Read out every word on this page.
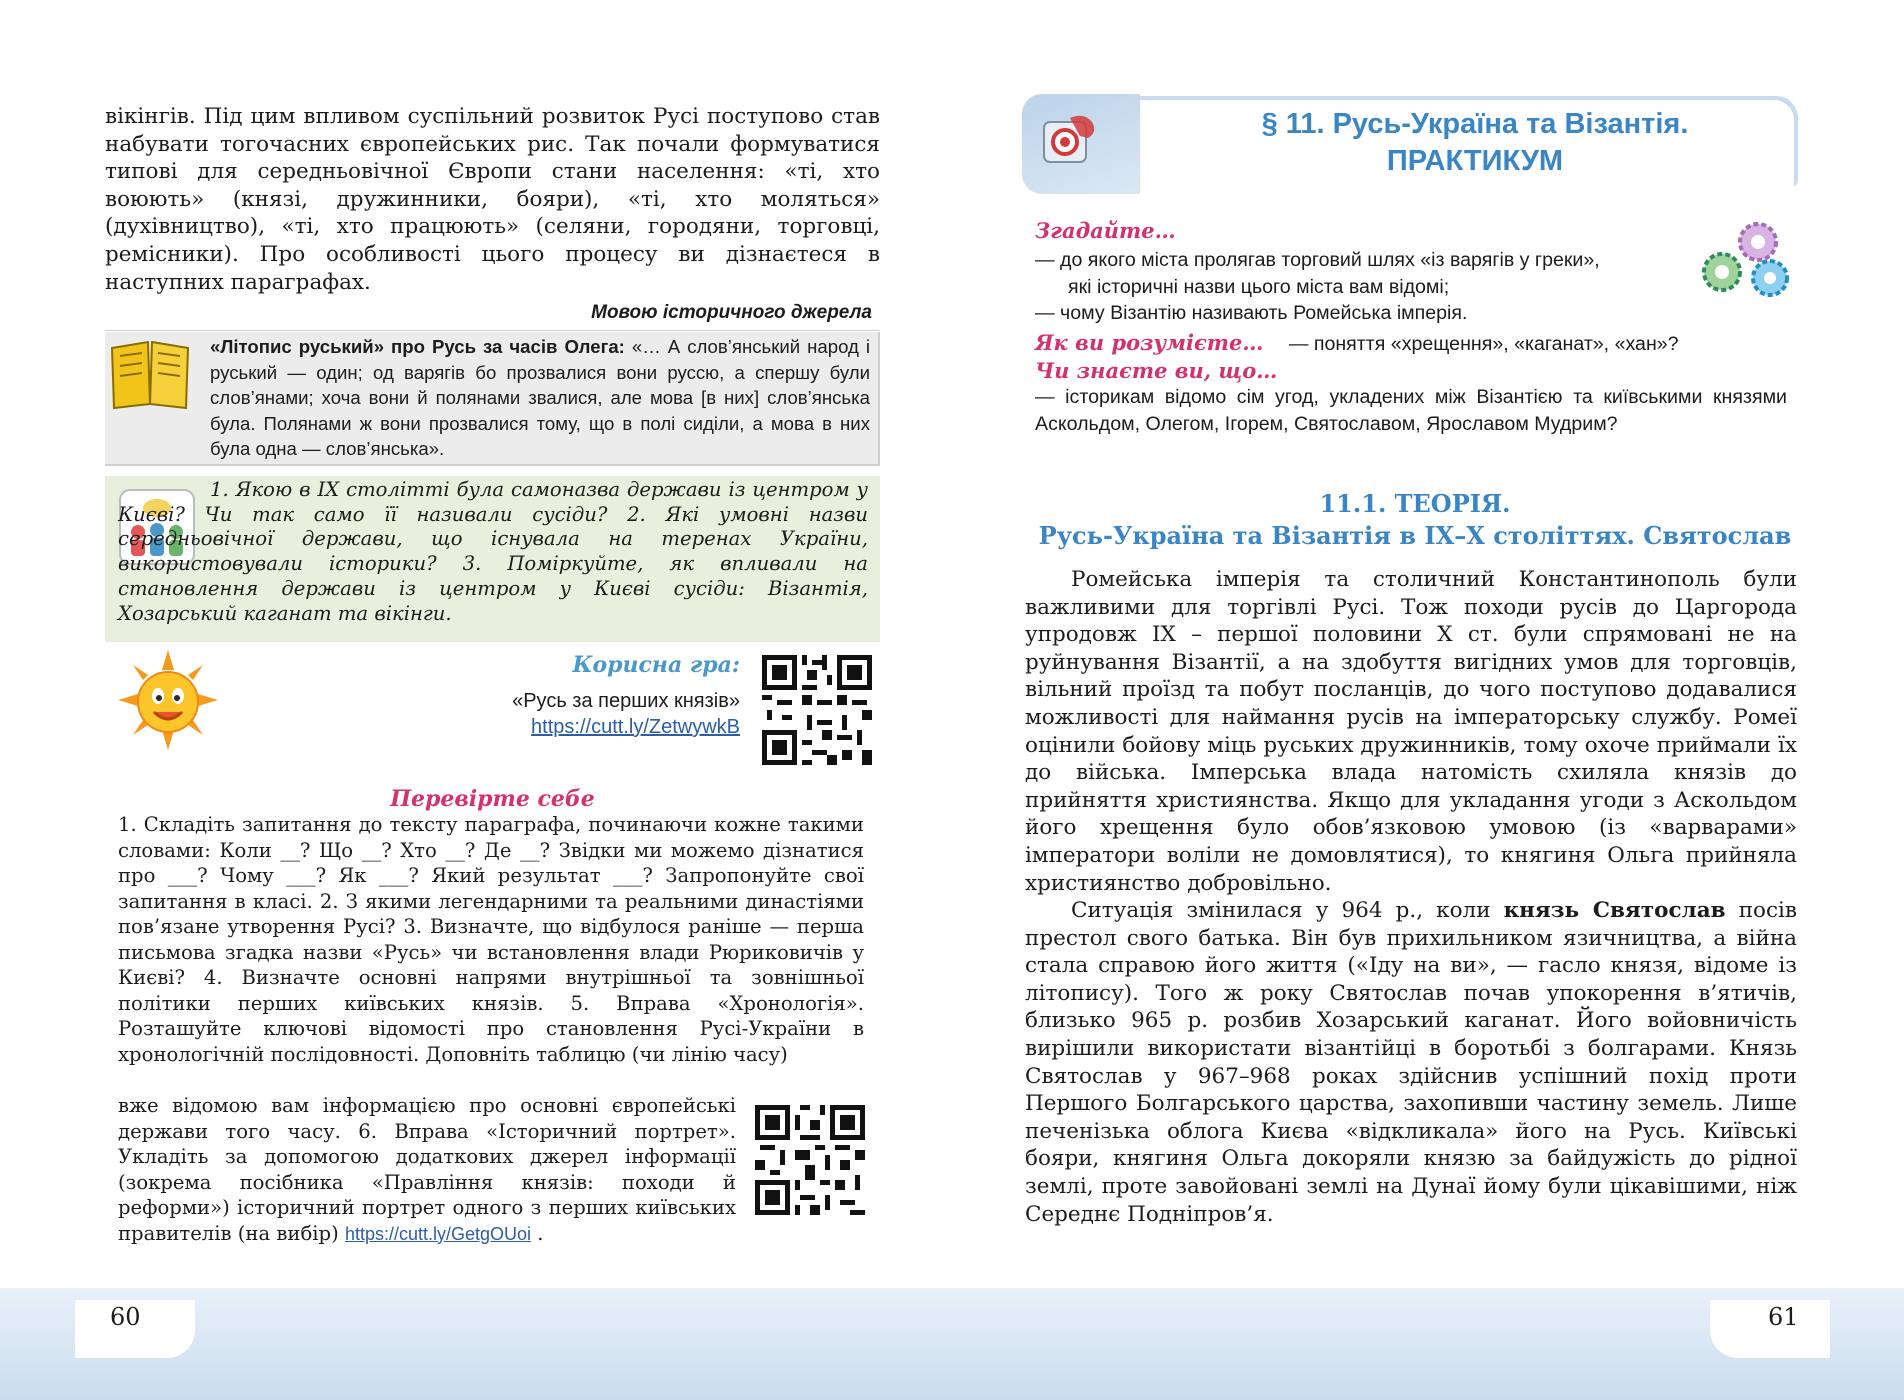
60	61
вікінгів. Під цим впливом суспільний розвиток Русі поступово став набувати тогочасних європейських рис. Так почали формуватися типові для середньовічної Європи стани населення: «ті, хто воюють» (князі, дружинники, бояри), «ті, хто моляться» (духівництво), «ті, хто працюють» (селяни, городяни, торговці, ремісники). Про особливості цього процесу ви дізнаєтеся в наступних параграфах.
Мовою історичного джерела
«Літопис руський» про Русь за часів Олега: «… А слов’янський народ і руський — один; од варягів бо прозвалися вони руссю, а спершу були слов’янами; хоча вони й полянами звалися, але мова [в них] слов’янська була. Полянами ж вони прозвалися тому, що в полі сиділи, а мова в них була одна — слов’янська».
1. Якою в IX столітті була самоназва держави із центром у Києві? Чи так само її називали сусіди? 2. Які умовні назви середньовічної держави, що існувала на теренах України, використовували історики? 3. Поміркуйте, як впливали на становлення держави із центром у Києві сусіди: Візантія, Хозарський каганат та вікінги.
Корисна гра:
«Русь за перших князів»
https://cutt.ly/ZetwywkB
Перевірте себе
1. Складіть запитання до тексту параграфа, починаючи кожне такими словами: Коли __? Що __? Хто __? Де __? Звідки ми можемо дізнатися про ___? Чому ___? Як ___? Який результат ___? Запропонуйте свої запитання в класі. 2. З якими легендарними та реальними династіями пов’язане утворення Русі? 3. Визначте, що відбулося раніше — перша письмова згадка назви «Русь» чи встановлення влади Рюриковичів у Києві? 4. Визначте основні напрями внутрішньої та зовнішньої політики перших київських князів. 5. Вправа «Хронологія». Розташуйте ключові відомості про становлення Русі-України в хронологічній послідовності. Доповніть таблицю (чи лінію часу)
вже відомою вам інформацією про основні європейські держави того часу. 6. Вправа «Історичний портрет». Укладіть за допомогою додаткових джерел інформації (зокрема посібника «Правління князів: походи й реформи») історичний портрет одного з перших київських правителів (на вибір) https://cutt.ly/GetgOUoi .
§ 11. Русь-Україна та Візантія.
ПРАКТИКУМ
Згадайте…
— до якого міста пролягав торговий шлях «із варягів у греки»,
які історичні назви цього міста вам відомі;
— чому Візантію називають Ромейська імперія.
Як ви розумієте… — поняття «хрещення», «каганат», «хан»?
Чи знаєте ви, що…
— історикам відомо сім угод, укладених між Візантією та київськими князями Аскольдом, Олегом, Ігорем, Святославом, Ярославом Мудрим?
11.1. ТЕОРІЯ.
Русь-Україна та Візантія в IX–X століттях. Святослав
Ромейська імперія та столичний Константинополь були важливими для торгівлі Русі. Тож походи русів до Царгорода упродовж IX – першої половини X ст. були спрямовані не на руйнування Візантії, а на здобуття вигідних умов для торговців, вільний проїзд та побут посланців, до чого поступово додавалися можливості для наймання русів на імператорську службу. Ромеї оцінили бойову міць руських дружинників, тому охоче приймали їх до війська. Імперська влада натомість схиляла князів до прийняття християнства. Якщо для укладання угоди з Аскольдом його хрещення було обов’язковою умовою (із «варварами» імператори воліли не домовлятися), то княгиня Ольга прийняла християнство добровільно.
Ситуація змінилася у 964 р., коли князь Святослав посів престол свого батька. Він був прихильником язичництва, а війна стала справою його життя («Іду на ви», — гасло князя, відоме із літопису). Того ж року Святослав почав упокорення в’ятичів, близько 965 р. розбив Хозарський каганат. Його войовничість вирішили використати візантійці в боротьбі з болгарами. Князь Святослав у 967–968 роках здійснив успішний похід проти Першого Болгарського царства, захопивши частину земель. Лише печенізька облога Києва «відкликала» його на Русь. Київські бояри, княгиня Ольга докоряли князю за байдужість до рідної землі, проте завойовані землі на Дунаї йому були цікавішими, ніж Середнє Подніпров’я.
